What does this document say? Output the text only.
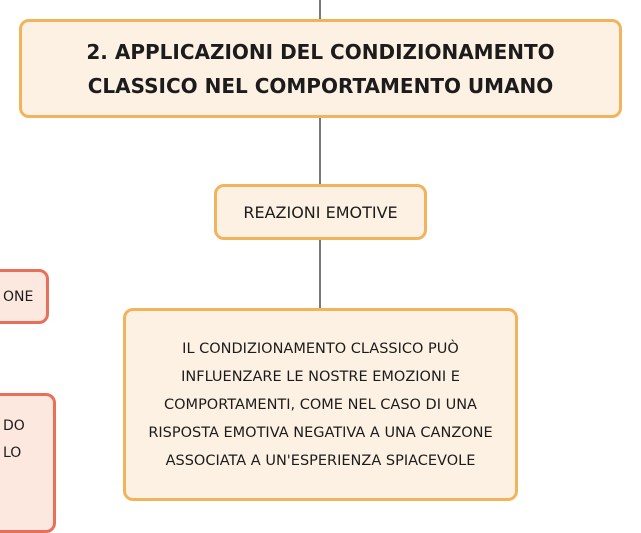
2. APPLICAZIONI DEL CONDIZIONAMENTO CLASSICO NEL COMPORTAMENTO UMANO
REAZIONI EMOTIVE
IL CONDIZIONAMENTO CLASSICO PUÒ INFLUENZARE LE NOSTRE EMOZIONI E COMPORTAMENTI, COME NEL CASO DI UNA RISPOSTA EMOTIVA NEGATIVA A UNA CANZONE ASSOCIATA A UN'ESPERIENZA SPIACEVOLE
ONE
DO
LO
